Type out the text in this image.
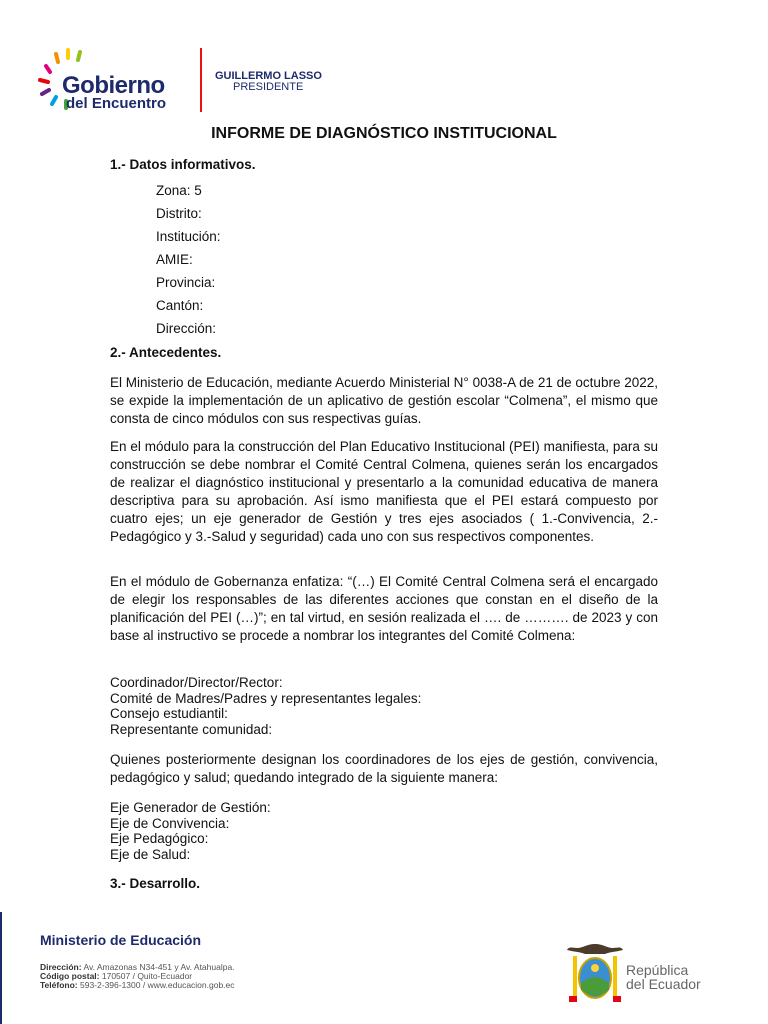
Gobierno
del Encuentro
GUILLERMO LASSO
PRESIDENTE
INFORME DE DIAGNÓSTICO INSTITUCIONAL
1.- Datos informativos.
Zona: 5
Distrito:
Institución:
AMIE:
Provincia:
Cantón:
Dirección:
2.- Antecedentes.

El Ministerio de Educación, mediante Acuerdo Ministerial N° 0038-A de 21 de octubre 2022, se expide la implementación de un aplicativo de gestión escolar “Colmena”, el mismo que consta de cinco módulos con sus respectivas guías.

En el módulo para la construcción del Plan Educativo Institucional (PEI) manifiesta, para su construcción se debe nombrar el Comité Central Colmena, quienes serán los encargados de realizar el diagnóstico institucional y presentarlo a la comunidad educativa de manera descriptiva para su aprobación. Así ismo manifiesta que el PEI estará compuesto por cuatro ejes; un eje generador de Gestión y tres ejes asociados ( 1.-Convivencia, 2.-Pedagógico y 3.-Salud y seguridad) cada uno con sus respectivos componentes.

En el módulo de Gobernanza enfatiza: “(…) El Comité Central Colmena será el encargado de elegir los responsables de las diferentes acciones que constan en el diseño de la planificación del PEI (…)”; en tal virtud, en sesión realizada el …. de ………. de 2023 y con base al instructivo se procede a nombrar los integrantes del Comité Colmena:

Coordinador/Director/Rector:
Comité de Madres/Padres y representantes legales:
Consejo estudiantil:
Representante comunidad:

Quienes posteriormente designan los coordinadores de los ejes de gestión, convivencia, pedagógico y salud; quedando integrado de la siguiente manera:

Eje Generador de Gestión:
Eje de Convivencia:
Eje Pedagógico:
Eje de Salud:
3.- Desarrollo.
Ministerio de Educación
Dirección: Av. Amazonas N34-451 y Av. Atahualpa.
Código postal: 170507 / Quito-Ecuador
Teléfono: 593-2-396-1300 / www.educacion.gob.ec
República
del Ecuador
